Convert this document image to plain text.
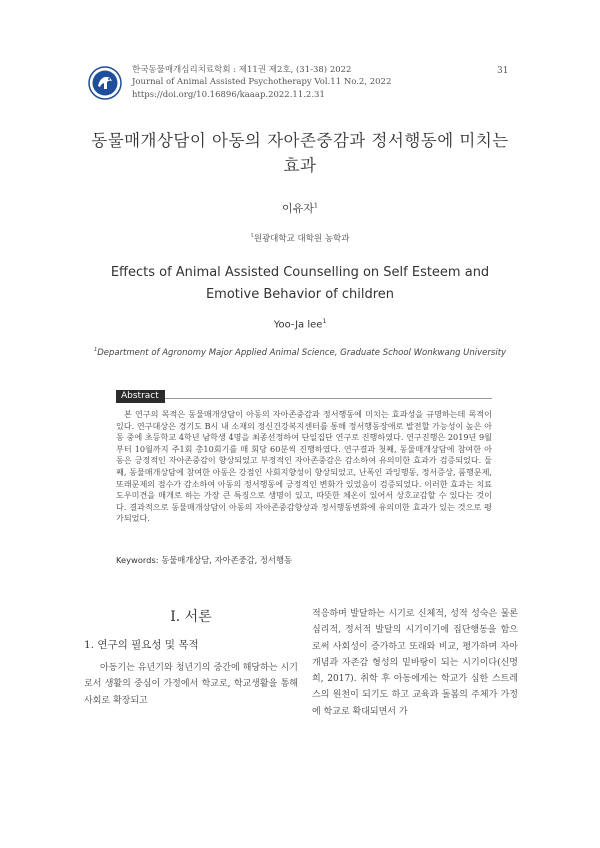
한국동물매개심리치료학회 : 제11권 제2호, (31-38) 2022
Journal of Animal Assisted Psychotherapy Vol.11 No.2, 2022
https://doi.org/10.16896/kaaap.2022.11.2.31
31
동물매개상담이 아동의 자아존중감과 정서행동에 미치는
효과
이유자$^1$
$^1$원광대학교 대학원 농학과
Effects of Animal Assisted Counselling on Self Esteem and
Emotive Behavior of children
Yoo-Ja lee$^1$
$^1$Department of Agronomy Major Applied Animal Science, Graduate School Wonkwang University
Abstract

본 연구의 목적은 동물매개상담이 아동의 자아존중감과 정서행동에 미치는 효과성을 규명하는데 목적이 있다. 연구대상은 경기도 B시 내 소재의 정신건강복지센터를 통해 정서행동장애로 발전할 가능성이 높은 아동 중에 초등학교 4학년 남학생 4명을 최종선정하여 단일집단 연구로 진행하였다. 연구진행은 2019년 9월부터 10월까지 주1회 총10회기를 매 회당 60분씩 진행하였다. 연구결과 첫째, 동물매개상담에 참여한 아동은 긍정적인 자아존중감이 향상되었고 부정적인 자아존중감은 감소하여 유의미한 효과가 검증되었다. 둘째, 동물매개상담에 참여한 아동은 강점인 사회지향성이 향상되었고, 난폭인 과잉행동, 정서증상, 품행문제, 또래문제의 점수가 감소하여 아동의 정서행동에 긍정적인 변화가 있었음이 검증되었다. 이러한 효과는 치료도우미견을 매개로 하는 가장 큰 특징으로 생명이 있고, 따뜻한 체온이 있어서 상호교감할 수 있다는 것이다. 결과적으로 동물매개상담이 아동의 자아존중감향상과 정서행동변화에 유의미한 효과가 있는 것으로 평가되었다.

Keywords: 동물매개상담, 자아존중감, 정서행동
Ⅰ. 서론
1. 연구의 필요성 및 목적

아동기는 유년기와 청년기의 중간에 해당하는 시기로서 생활의 중심이 가정에서 학교로, 학교생활을 통해 사회로 확장되고

적응하며 발달하는 시기로 신체적, 성적 성숙은 물론 심리적, 정서적 발달의 시기이기에 집단행동을 함으로써 사회성이 증가하고 또래와 비교, 평가하며 자아개념과 자존감 형성의 밑바탕이 되는 시기이다(신명희, 2017). 취학 후 아동에게는 학교가 심한 스트레스의 원천이 되기도 하고 교육과 돌봄의 주체가 가정에 학교로 확대되면서 가
